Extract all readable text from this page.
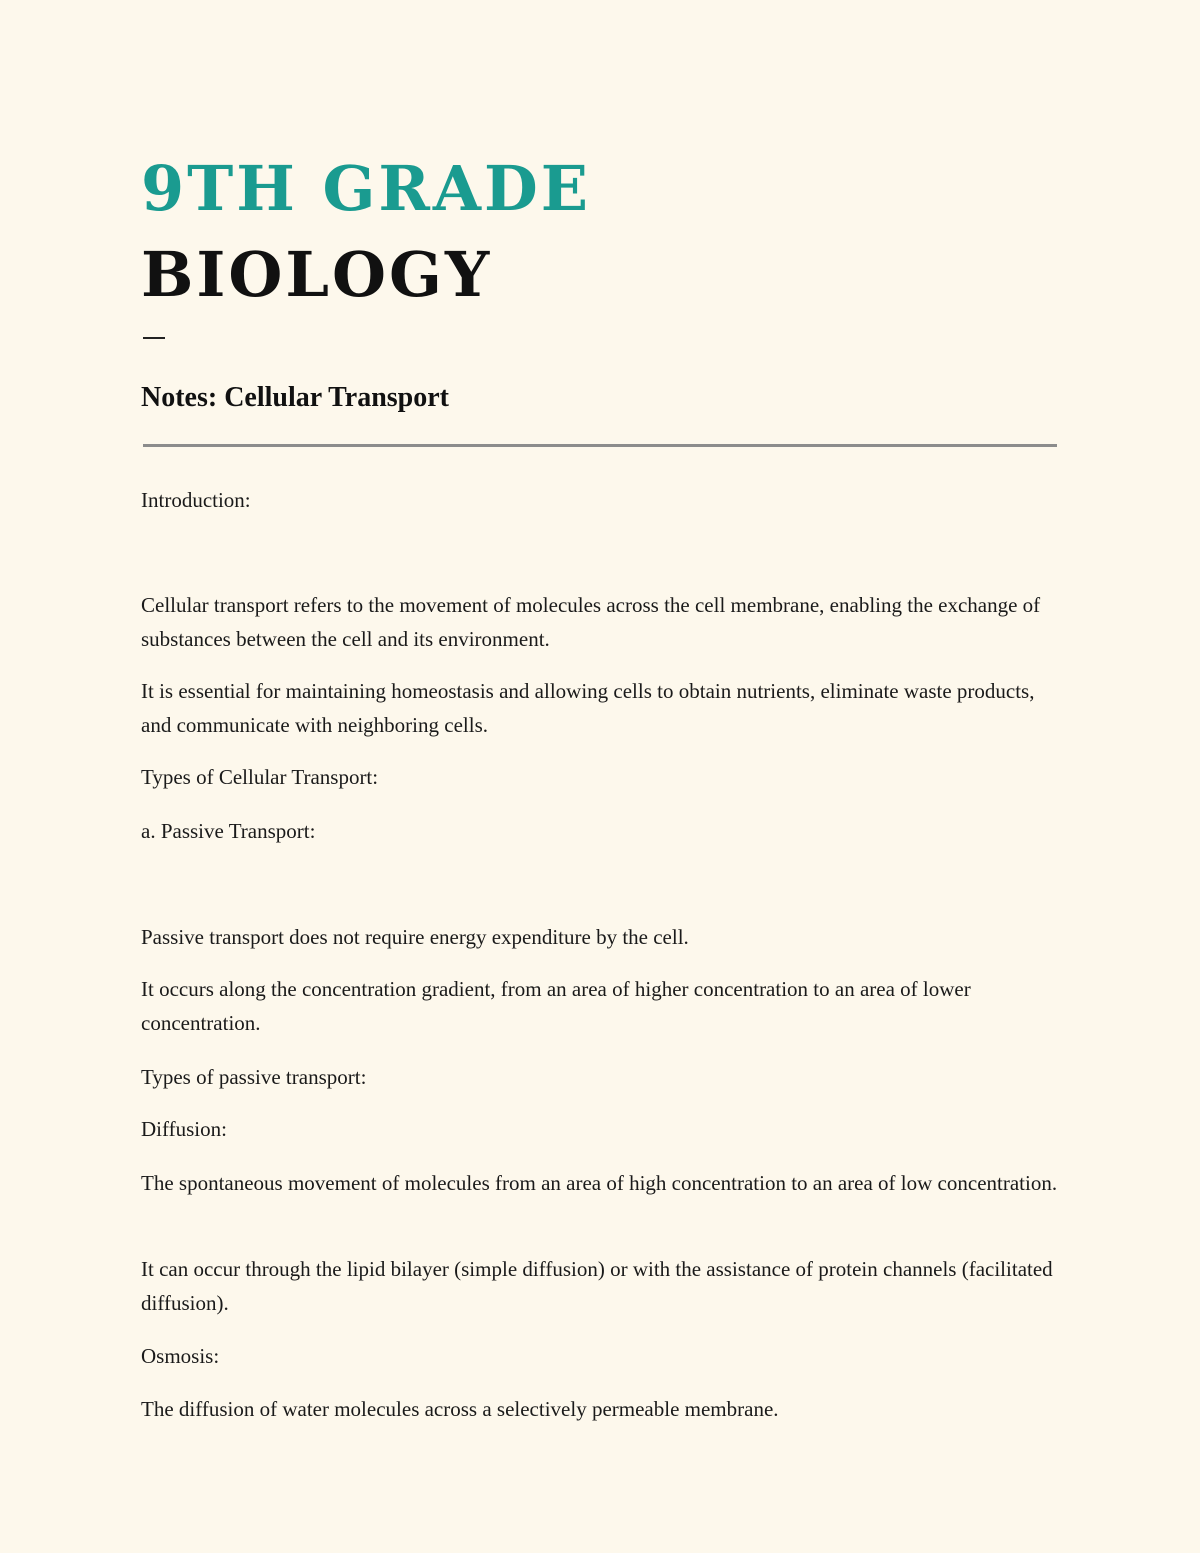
9TH GRADE
BIOLOGY
Notes: Cellular Transport

Introduction:

Cellular transport refers to the movement of molecules across the cell membrane, enabling the exchange of substances between the cell and its environment.

It is essential for maintaining homeostasis and allowing cells to obtain nutrients, eliminate waste products, and communicate with neighboring cells.

Types of Cellular Transport:

a. Passive Transport:

Passive transport does not require energy expenditure by the cell.

It occurs along the concentration gradient, from an area of higher concentration to an area of lower concentration.

Types of passive transport:

Diffusion:

The spontaneous movement of molecules from an area of high concentration to an area of low concentration.

It can occur through the lipid bilayer (simple diffusion) or with the assistance of protein channels (facilitated diffusion).

Osmosis:

The diffusion of water molecules across a selectively permeable membrane.
